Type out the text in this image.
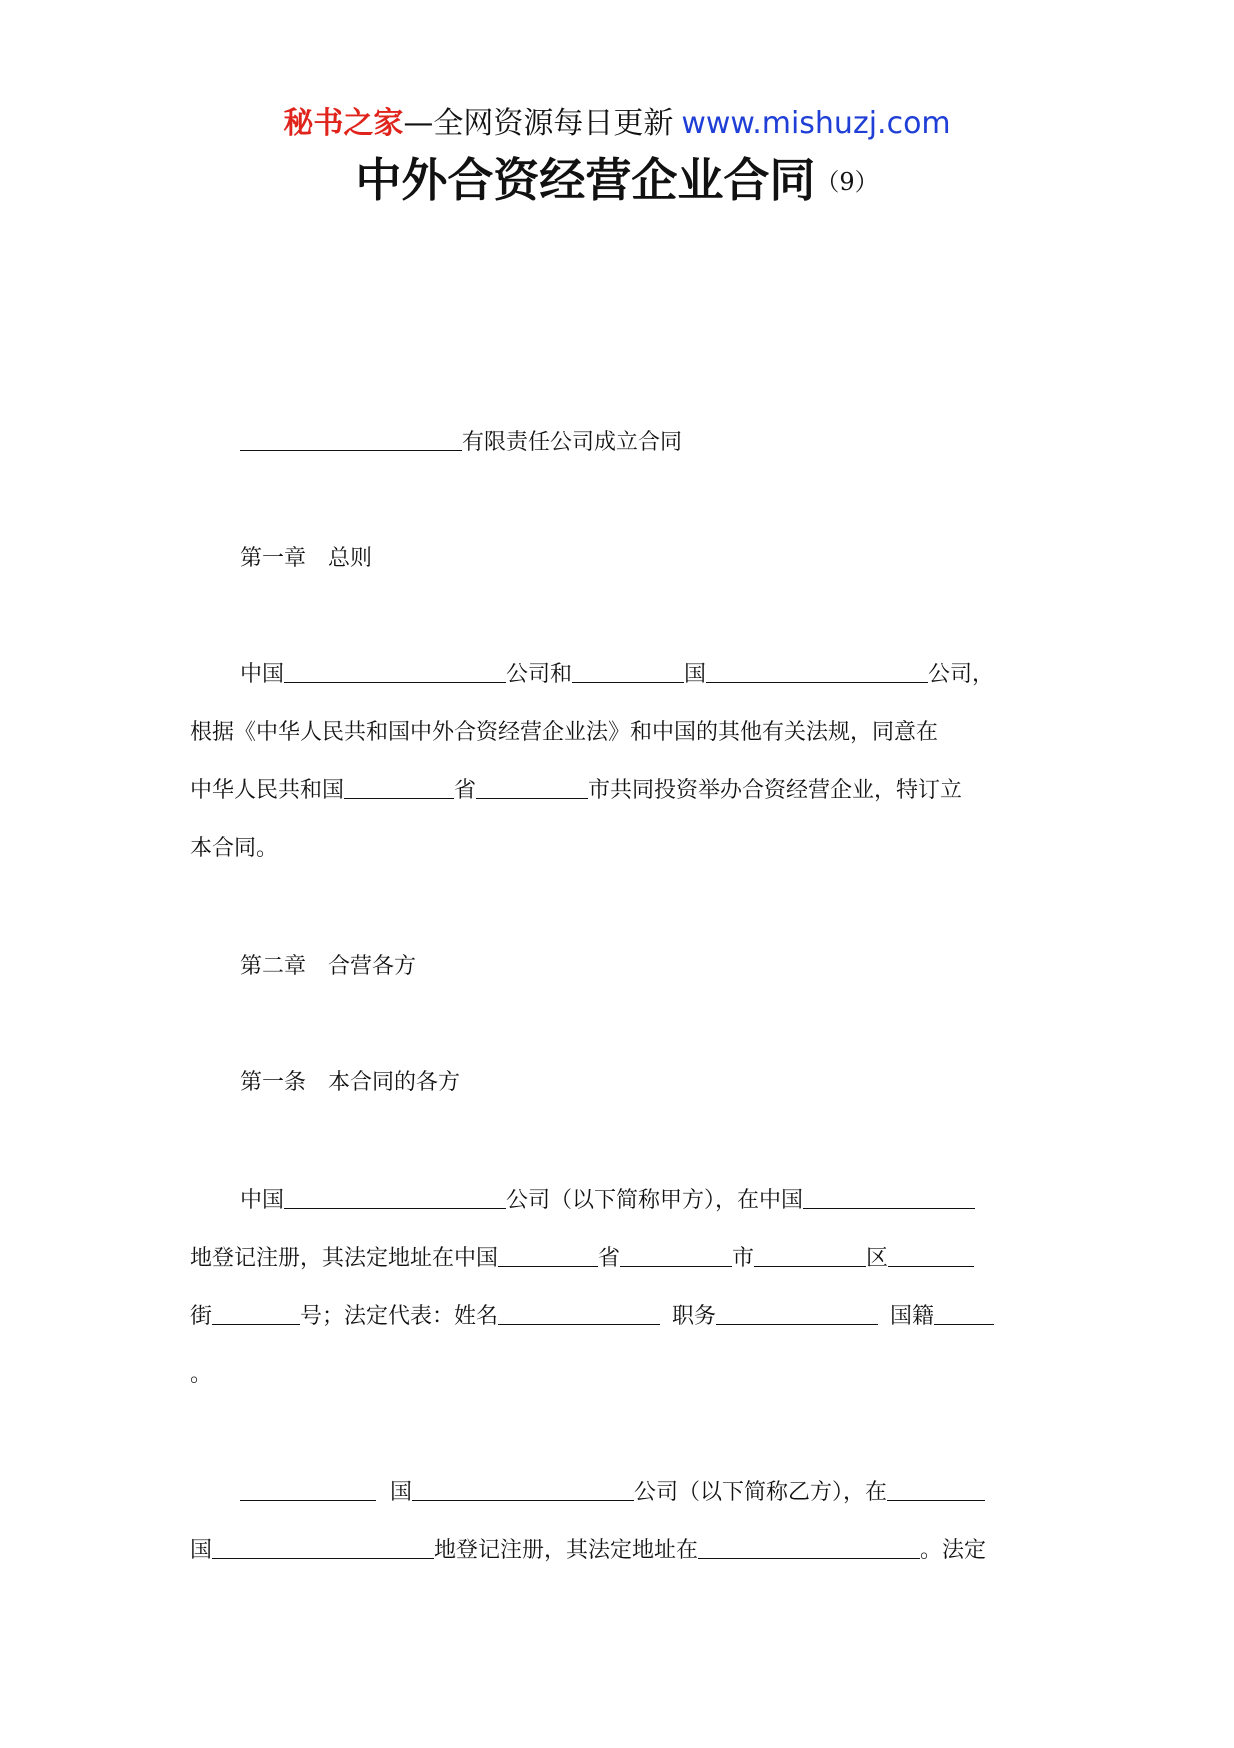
秘书之家—全网资源每日更新 www.mishuzj.com
中外合资经营企业合同（9）
有限责任公司成立合同
第一章　总则
中国	公司和	国	公司，
根据《中华人民共和国中外合资经营企业法》和中国的其他有关法规，同意在
中华人民共和国	省	市共同投资举办合资经营企业，特订立
本合同。
第二章　合营各方
第一条　本合同的各方
中国	公司（以下简称甲方），在中国
地登记注册，其法定地址在中国	省	市	区
街	号；法定代表：姓名	职务	国籍
。
国	公司（以下简称乙方），在
国	地登记注册，其法定地址在	。法定
